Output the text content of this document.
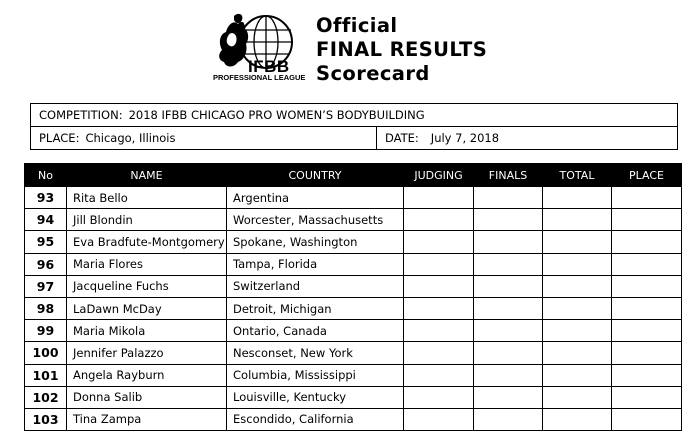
IFBB
PROFESSIONAL LEAGUE
Official
FINAL RESULTS
Scorecard
COMPETITION: 2018 IFBB CHICAGO PRO WOMEN’S BODYBUILDING
PLACE: Chicago, Illinois	DATE: July 7, 2018
No	NAME	COUNTRY	JUDGING	FINALS	TOTAL	PLACE
93	Rita Bello	Argentina				
94	Jill Blondin	Worcester, Massachusetts				
95	Eva Bradfute-Montgomery	Spokane, Washington				
96	Maria Flores	Tampa, Florida				
97	Jacqueline Fuchs	Switzerland				
98	LaDawn McDay	Detroit, Michigan				
99	Maria Mikola	Ontario, Canada				
100	Jennifer Palazzo	Nesconset, New York				
101	Angela Rayburn	Columbia, Mississippi				
102	Donna Salib	Louisville, Kentucky				
103	Tina Zampa	Escondido, California				
